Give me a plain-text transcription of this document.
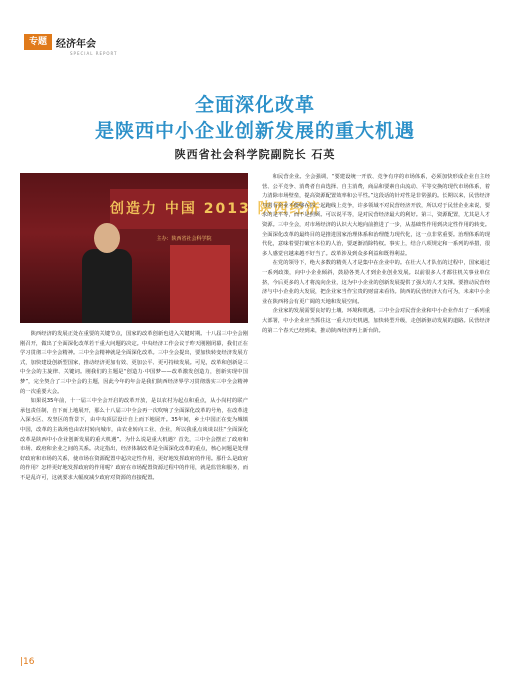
专题 经济年会
SPECIAL REPORT
全面深化改革
是陕西中小企业创新发展的重大机遇
陕西省社会科学院副院长 石英
创造力 中国 2013 陕西经济
主办：陕西省社会科学院

陕西经济的发展正处在重要的关键节点，国家的改革创新也进入关键时期。十八届三中全会刚刚召开，做出了全面深化改革若干重大问题的决定。中央经济工作会议于昨天刚刚闭幕，我们正在学习贯彻三中全会精神。三中全会精神就是全面深化改革。三中全会提出，要加快转变经济发展方式，加快建设创新型国家，推动经济更加有效、更加公平、更可持续发展。可见，改革和创新是三中全会的主旋律、关键词。刚我们的主题是“创造力·中国梦——改革激发创造力，创新实现中国梦”，完全契合了三中全会的主题，因此今年的年会是我们陕西经济界学习贯彻落实三中全会精神的一次重要大会。

如果说35年前，十一届三中全会开启的改革开放，是以农村为起点和重点，从小岗村的联产承包责任制，自下而上地展开，那么十八届三中全会再一次吹响了全面深化改革的号角，在改革进入深水区、攻坚区的背景下，由中央顶层设计自上而下地展开。35年间，乡土中国正在变为城镇中国，改革的主战场也由农村转向城市，由农业转向工业、企业，所以我重点谈谈以往“全面深化改革是陕西中小企业创新发展的重大机遇”。为什么说是重大机遇？首先，三中全会摆正了政府和市场、政府和企业之间的关系。决定指出，经济体制改革是全面深化改革的重点，核心问题是处理好政府和市场的关系，使市场在资源配置中起决定性作用，更好地发挥政府的作用。那什么是政府的作用？怎样更好地发挥政府的作用呢？政府在市场配置资源过程中的作用，就是监管和服务，而不是乱许可，这就要求大幅度减少政府对资源的直接配置。

和民营企业。全会强调，“要建设统一开放、竞争有序的市场体系，必须加快形成企业自主经营、公平竞争、消费者自由选择、自主消费，商品和要素自由流动、平等交换的现代市场体系，着力清除市场壁垒，提高资源配置效率和公平性。”这段话的针对性是非常强的。长期以来，民营经济与国有企业不能够在同一起跑线上竞争，许多领域不对民营经济开放，所以对于民营企业来说，要求的是平等，而不是照顾。可以说平等，是对民营经济最大的利好。第三，资源配置，尤其是人才资源。三中全会，对市场经济的认识大大地向前推进了一步，从基础性作用到决定性作用的转变。全面深化改革的最终目的是推进国家治理体系和治理能力现代化，这一点非常重要。治理体系的现代化，意味着要打破官本位的人治，要逐渐消除特权。事实上，结合八项规定和一系列的举措，很多人感觉官越来越不好当了。改革涉及到众多利益和既得利益。

在党的领导下，绝大多数的精英人才是集中在企业中的。在壮大人才队伍的过程中，国家通过一系列政策，向中小企业倾斜，鼓励各类人才到企业创业发展。以前很多人才都往机关事业单位挤，今后更多的人才将流向企业，这为中小企业的创新发展提供了强大的人才支撑。要推动民营经济与中小企业的大发展，把企业家当作宝贵的财富来看待。陕西的民营经济大有可为，未来中小企业在陕西将会有更广阔的天地和发展空间。

企业家的发展需要良好的土壤、环境和机遇。三中全会对民营企业和中小企业作出了一系列重大部署，中小企业应当抓住这一重大历史机遇，加快转型升级，走创新驱动发展的道路。民营经济的第二个春天已经到来，推动陕西经济再上新台阶。

|16
